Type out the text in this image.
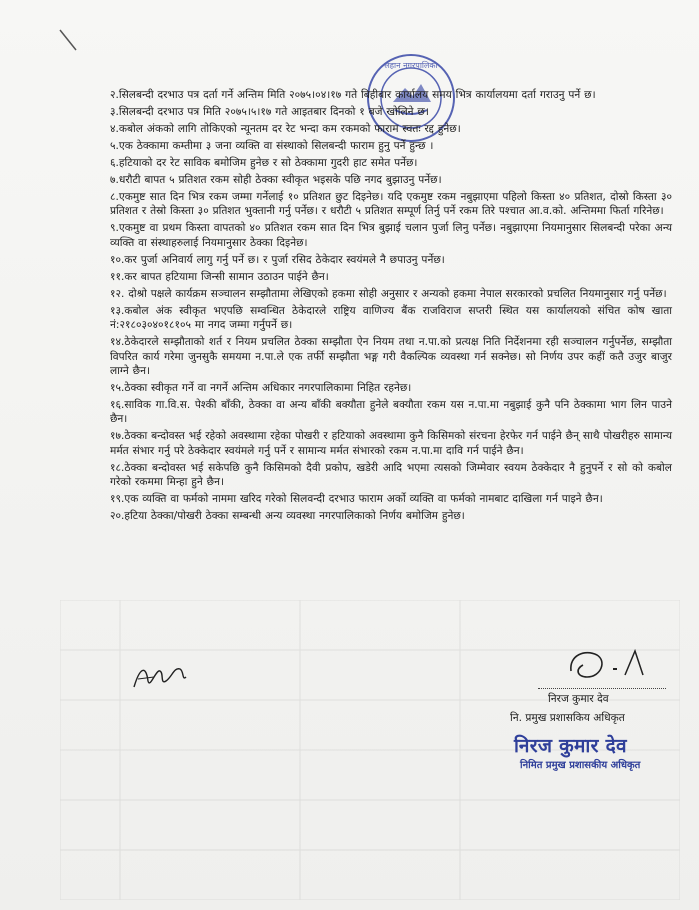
लहान नगरपालिका

२.सिलबन्दी दरभाउ पत्र दर्ता गर्ने अन्तिम मिति २०७५।०४।१७ गते बिहीबार कार्यालय समय भित्र कार्यालयमा दर्ता गराउनु पर्ने छ।

३.सिलबन्दी दरभाउ पत्र मिति २०७५।५।१७ गते आइतबार दिनको १ बजे खोलिने छ।

४.कबोल अंकको लागि तोकिएको न्यूनतम दर रेट भन्दा कम रकमको फाराम स्वतः रद्द हुनेछ।

५.एक ठेक्कामा कम्तीमा ३ जना व्यक्ति वा संस्थाको सिलबन्दी फाराम हुनु पर्ने हुन्छ ।

६.हटियाको दर रेट साविक बमोजिम हुनेछ र सो ठेक्कामा गुदरी हाट समेत पर्नेछ।

७.धरौटी बापत ५ प्रतिशत रकम सोही ठेक्का स्वीकृत भइसके पछि नगद बुझाउनु पर्नेछ।

८.एकमुष्ट सात दिन भित्र रकम जम्मा गर्नेलाई १० प्रतिशत छुट दिइनेछ। यदि एकमुष्ट रकम नबुझाएमा पहिलो किस्ता ४० प्रतिशत, दोस्रो किस्ता ३० प्रतिशत र तेस्रो किस्ता ३० प्रतिशत भुक्तानी गर्नु पर्नेछ। र धरौटी ५ प्रतिशत सम्पूर्ण तिर्नु पर्ने रकम तिरे पश्चात आ.व.को. अन्तिममा फिर्ता गरिनेछ।

९.एकमुष्ट वा प्रथम किस्ता वापतको ४० प्रतिशत रकम सात दिन भित्र बुझाई चलान पुर्जा लिनु पर्नेछ। नबुझाएमा नियमानुसार सिलबन्दी परेका अन्य व्यक्ति वा संस्थाहरुलाई नियमानुसार ठेक्का दिइनेछ।

१०.कर पुर्जा अनिवार्य लागु गर्नु पर्ने छ। र पुर्जा रसिद ठेकेदार स्वयंमले नै छपाउनु पर्नेछ।

११.कर बापत हटियामा जिन्सी सामान उठाउन पाईने छैन।

१२. दोश्रो पक्षले कार्यक्रम सञ्चालन सम्झौतामा लेखिएको हकमा सोही अनुसार र अन्यको हकमा नेपाल सरकारको प्रचलित नियमानुसार गर्नु पर्नेछ।

१३.कबोल अंक स्वीकृत भएपछि सम्वन्धित ठेकेदारले राष्ट्रिय वाणिज्य बैंक राजविराज सप्तरी स्थित यस कार्यालयको संचित कोष खाता नं:२१८०३०४०१८१०५ मा नगद जम्मा गर्नुपर्ने छ।

१४.ठेकेदारले सम्झौताको शर्त र नियम प्रचलित ठेक्का सम्झौता ऐन नियम तथा न.पा.को प्रत्यक्ष निति निर्देशनमा रही सञ्चालन गर्नुपर्नेछ, सम्झौता विपरित कार्य गरेमा जुनसुकै समयमा न.पा.ले एक तर्फी सम्झौता भङ्ग गरी वैकल्पिक व्यवस्था गर्न सक्नेछ। सो निर्णय उपर कहीं कतै उजुर बाजुर लाग्ने छैन।

१५.ठेक्का स्वीकृत गर्ने वा नगर्ने अन्तिम अधिकार नगरपालिकामा निहित रहनेछ।

१६.साविक गा.वि.स. पेश्की बाँकी, ठेक्का वा अन्य बाँकी बक्यौता हुनेले बक्यौता रकम यस न.पा.मा नबुझाई कुनै पनि ठेक्कामा भाग लिन पाउने छैन।

१७.ठेक्का बन्दोवस्त भई रहेको अवस्थामा रहेका पोखरी र हटियाको अवस्थामा कुनै किसिमको संरचना हेरफेर गर्न पाईने छैन् साथै पोखरीहरु सामान्य मर्मत संभार गर्नु परे ठेक्केदार स्वयंमले गर्नु पर्ने र सामान्य मर्मत संभारको रकम न.पा.मा दावि गर्न पाईने छैन।

१८.ठेक्का बन्दोवस्त भई सकेपछि कुनै किसिमको दैवी प्रकोप, खडेरी आदि भएमा त्यसको जिम्मेवार स्वयम ठेक्केदार नै हुनुपर्ने र सो को कबोल गरेको रकममा मिन्हा हुने छैन।

१९.एक व्यक्ति वा फर्मको नाममा खरिद गरेको सिलवन्दी दरभाउ फाराम अर्को व्यक्ति वा फर्मको नामबाट दाखिला गर्न पाइने छैन।

२०.हटिया ठेक्का/पोखरी ठेक्का सम्बन्धी अन्य व्यवस्था नगरपालिकाको निर्णय बमोजिम हुनेछ।

निरज कुमार देव
नि. प्रमुख प्रशासकिय अधिकृत
निरज कुमार देव
निमित प्रमुख प्रशासकीय अधिकृत
